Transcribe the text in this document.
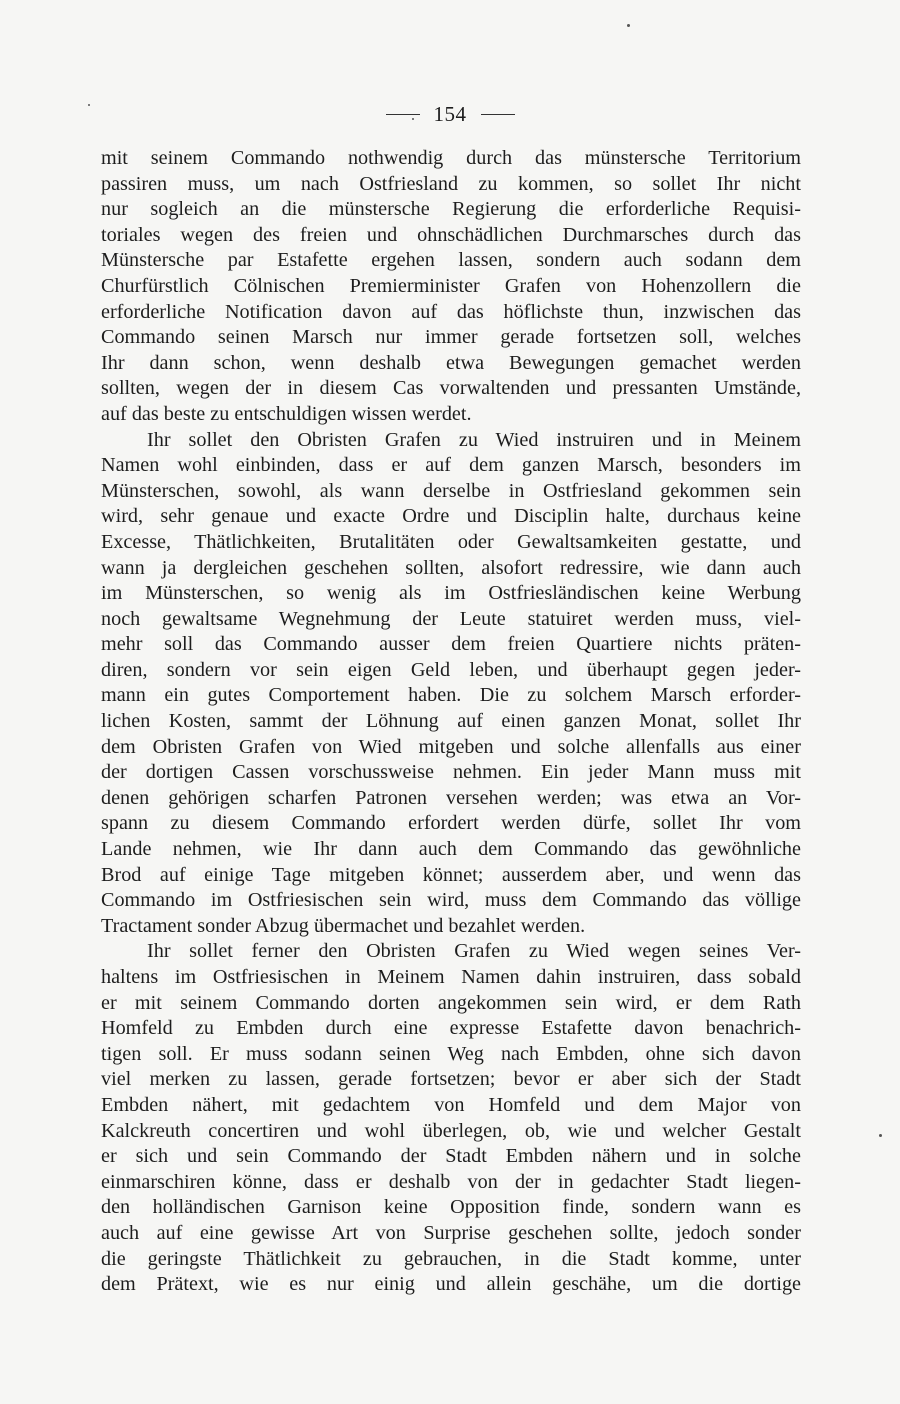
154
mit seinem Commando nothwendig durch das münstersche Territorium
passiren muss, um nach Ostfriesland zu kommen, so sollet Ihr nicht
nur sogleich an die münstersche Regierung die erforderliche Requisi-
toriales wegen des freien und ohnschädlichen Durchmarsches durch das
Münstersche par Estafette ergehen lassen, sondern auch sodann dem
Churfürstlich Cölnischen Premierminister Grafen von Hohenzollern die
erforderliche Notification davon auf das höflichste thun, inzwischen das
Commando seinen Marsch nur immer gerade fortsetzen soll, welches
Ihr dann schon, wenn deshalb etwa Bewegungen gemachet werden
sollten, wegen der in diesem Cas vorwaltenden und pressanten Umstände,
auf das beste zu entschuldigen wissen werdet.
Ihr sollet den Obristen Grafen zu Wied instruiren und in Meinem
Namen wohl einbinden, dass er auf dem ganzen Marsch, besonders im
Münsterschen, sowohl, als wann derselbe in Ostfriesland gekommen sein
wird, sehr genaue und exacte Ordre und Disciplin halte, durchaus keine
Excesse, Thätlichkeiten, Brutalitäten oder Gewaltsamkeiten gestatte, und
wann ja dergleichen geschehen sollten, alsofort redressire, wie dann auch
im Münsterschen, so wenig als im Ostfriesländischen keine Werbung
noch gewaltsame Wegnehmung der Leute statuiret werden muss, viel-
mehr soll das Commando ausser dem freien Quartiere nichts präten-
diren, sondern vor sein eigen Geld leben, und überhaupt gegen jeder-
mann ein gutes Comportement haben. Die zu solchem Marsch erforder-
lichen Kosten, sammt der Löhnung auf einen ganzen Monat, sollet Ihr
dem Obristen Grafen von Wied mitgeben und solche allenfalls aus einer
der dortigen Cassen vorschussweise nehmen. Ein jeder Mann muss mit
denen gehörigen scharfen Patronen versehen werden; was etwa an Vor-
spann zu diesem Commando erfordert werden dürfe, sollet Ihr vom
Lande nehmen, wie Ihr dann auch dem Commando das gewöhnliche
Brod auf einige Tage mitgeben könnet; ausserdem aber, und wenn das
Commando im Ostfriesischen sein wird, muss dem Commando das völlige
Tractament sonder Abzug übermachet und bezahlet werden.
Ihr sollet ferner den Obristen Grafen zu Wied wegen seines Ver-
haltens im Ostfriesischen in Meinem Namen dahin instruiren, dass sobald
er mit seinem Commando dorten angekommen sein wird, er dem Rath
Homfeld zu Embden durch eine expresse Estafette davon benachrich-
tigen soll. Er muss sodann seinen Weg nach Embden, ohne sich davon
viel merken zu lassen, gerade fortsetzen; bevor er aber sich der Stadt
Embden nähert, mit gedachtem von Homfeld und dem Major von
Kalckreuth concertiren und wohl überlegen, ob, wie und welcher Gestalt
er sich und sein Commando der Stadt Embden nähern und in solche
einmarschiren könne, dass er deshalb von der in gedachter Stadt liegen-
den holländischen Garnison keine Opposition finde, sondern wann es
auch auf eine gewisse Art von Surprise geschehen sollte, jedoch sonder
die geringste Thätlichkeit zu gebrauchen, in die Stadt komme, unter
dem Prätext, wie es nur einig und allein geschähe, um die dortige
